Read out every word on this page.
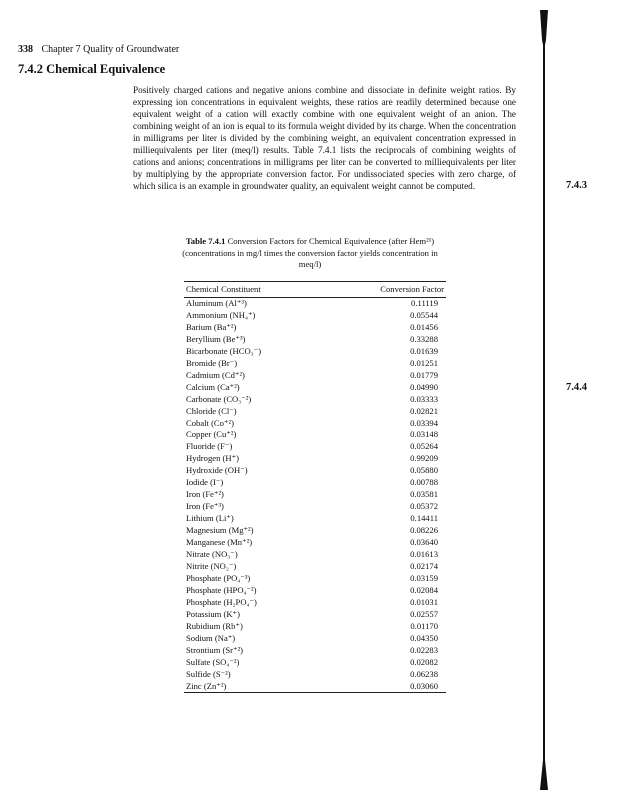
338 Chapter 7 Quality of Groundwater
7.4.2 Chemical Equivalence
Positively charged cations and negative anions combine and dissociate in definite weight ratios. By expressing ion concentrations in equivalent weights, these ratios are readily determined because one equivalent weight of a cation will exactly combine with one equivalent weight of an anion. The combining weight of an ion is equal to its formula weight divided by its charge. When the concentration in milligrams per liter is divided by the combining weight, an equivalent concentration expressed in milliequivalents per liter (meq/l) results. Table 7.4.1 lists the reciprocals of combining weights of cations and anions; concentrations in milligrams per liter can be converted to milliequivalents per liter by multiplying by the appropriate conversion factor. For undissociated species with zero charge, of which silica is an example in groundwater quality, an equivalent weight cannot be computed.
Table 7.4.1 Conversion Factors for Chemical Equivalence (after Hem²¹) (concentrations in mg/l times the conversion factor yields concentration in meq/l)
Chemical Constituent	Conversion Factor
Aluminum (Al⁺³)	0.11119
Ammonium (NH₄⁺)	0.05544
Barium (Ba⁺²)	0.01456
Beryllium (Be⁺³)	0.33288
Bicarbonate (HCO₃⁻)	0.01639
Bromide (Br⁻)	0.01251
Cadmium (Cd⁺²)	0.01779
Calcium (Ca⁺²)	0.04990
Carbonate (CO₃⁻²)	0.03333
Chloride (Cl⁻)	0.02821
Cobalt (Co⁺²)	0.03394
Copper (Cu⁺²)	0.03148
Fluoride (F⁻)	0.05264
Hydrogen (H⁺)	0.99209
Hydroxide (OH⁻)	0.05880
Iodide (I⁻)	0.00788
Iron (Fe⁺²)	0.03581
Iron (Fe⁺³)	0.05372
Lithium (Li⁺)	0.14411
Magnesium (Mg⁺²)	0.08226
Manganese (Mn⁺²)	0.03640
Nitrate (NO₃⁻)	0.01613
Nitrite (NO₂⁻)	0.02174
Phosphate (PO₄⁻³)	0.03159
Phosphate (HPO₄⁻²)	0.02084
Phosphate (H₂PO₄⁻)	0.01031
Potassium (K⁺)	0.02557
Rubidium (Rb⁺)	0.01170
Sodium (Na⁺)	0.04350
Strontium (Sr⁺²)	0.02283
Sulfate (SO₄⁻²)	0.02082
Sulfide (S⁻²)	0.06238
Zinc (Zn⁺²)	0.03060
7.4.3
7.4.4
